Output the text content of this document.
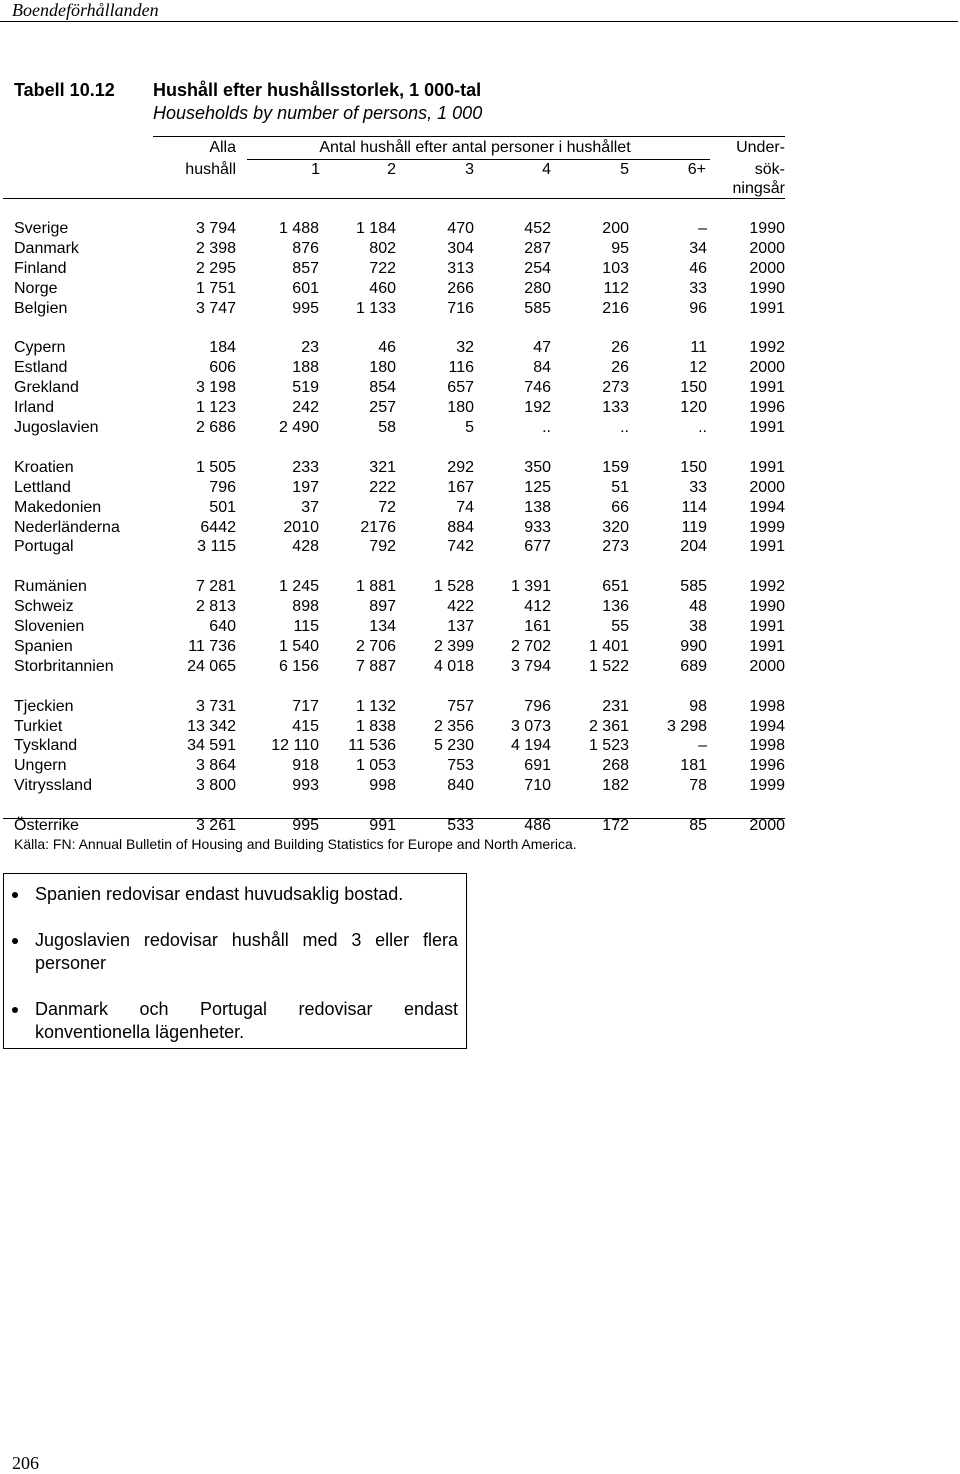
Boendeförhållanden
Tabell 10.12 Hushåll efter hushållsstorlek, 1 000-tal
Households by number of persons, 1 000
Alla
hushåll
Antal hushåll efter antal personer i hushållet
1	2	3	4	5	6+
Under-
sök-
ningsår
Sverige	3 794	1 488	1 184	470	452	200	–	1990
Danmark	2 398	876	802	304	287	95	34	2000
Finland	2 295	857	722	313	254	103	46	2000
Norge	1 751	601	460	266	280	112	33	1990
Belgien	3 747	995	1 133	716	585	216	96	1991
Cypern	184	23	46	32	47	26	11	1992
Estland	606	188	180	116	84	26	12	2000
Grekland	3 198	519	854	657	746	273	150	1991
Irland	1 123	242	257	180	192	133	120	1996
Jugoslavien	2 686	2 490	58	5	..	..	..	1991
Kroatien	1 505	233	321	292	350	159	150	1991
Lettland	796	197	222	167	125	51	33	2000
Makedonien	501	37	72	74	138	66	114	1994
Nederländerna	6442	2010	2176	884	933	320	119	1999
Portugal	3 115	428	792	742	677	273	204	1991
Rumänien	7 281	1 245	1 881	1 528	1 391	651	585	1992
Schweiz	2 813	898	897	422	412	136	48	1990
Slovenien	640	115	134	137	161	55	38	1991
Spanien	11 736	1 540	2 706	2 399	2 702	1 401	990	1991
Storbritannien	24 065	6 156	7 887	4 018	3 794	1 522	689	2000
Tjeckien	3 731	717	1 132	757	796	231	98	1998
Turkiet	13 342	415	1 838	2 356	3 073	2 361	3 298	1994
Tyskland	34 591	12 110	11 536	5 230	4 194	1 523	–	1998
Ungern	3 864	918	1 053	753	691	268	181	1996
Vitryssland	3 800	993	998	840	710	182	78	1999
Österrike	3 261	995	991	533	486	172	85	2000
Källa: FN: Annual Bulletin of Housing and Building Statistics for Europe and North America.
Spanien redovisar endast huvudsaklig bostad.
Jugoslavien redovisar hushåll med 3 eller flera personer
Danmark och Portugal redovisar endast konventionella lägenheter.
206
